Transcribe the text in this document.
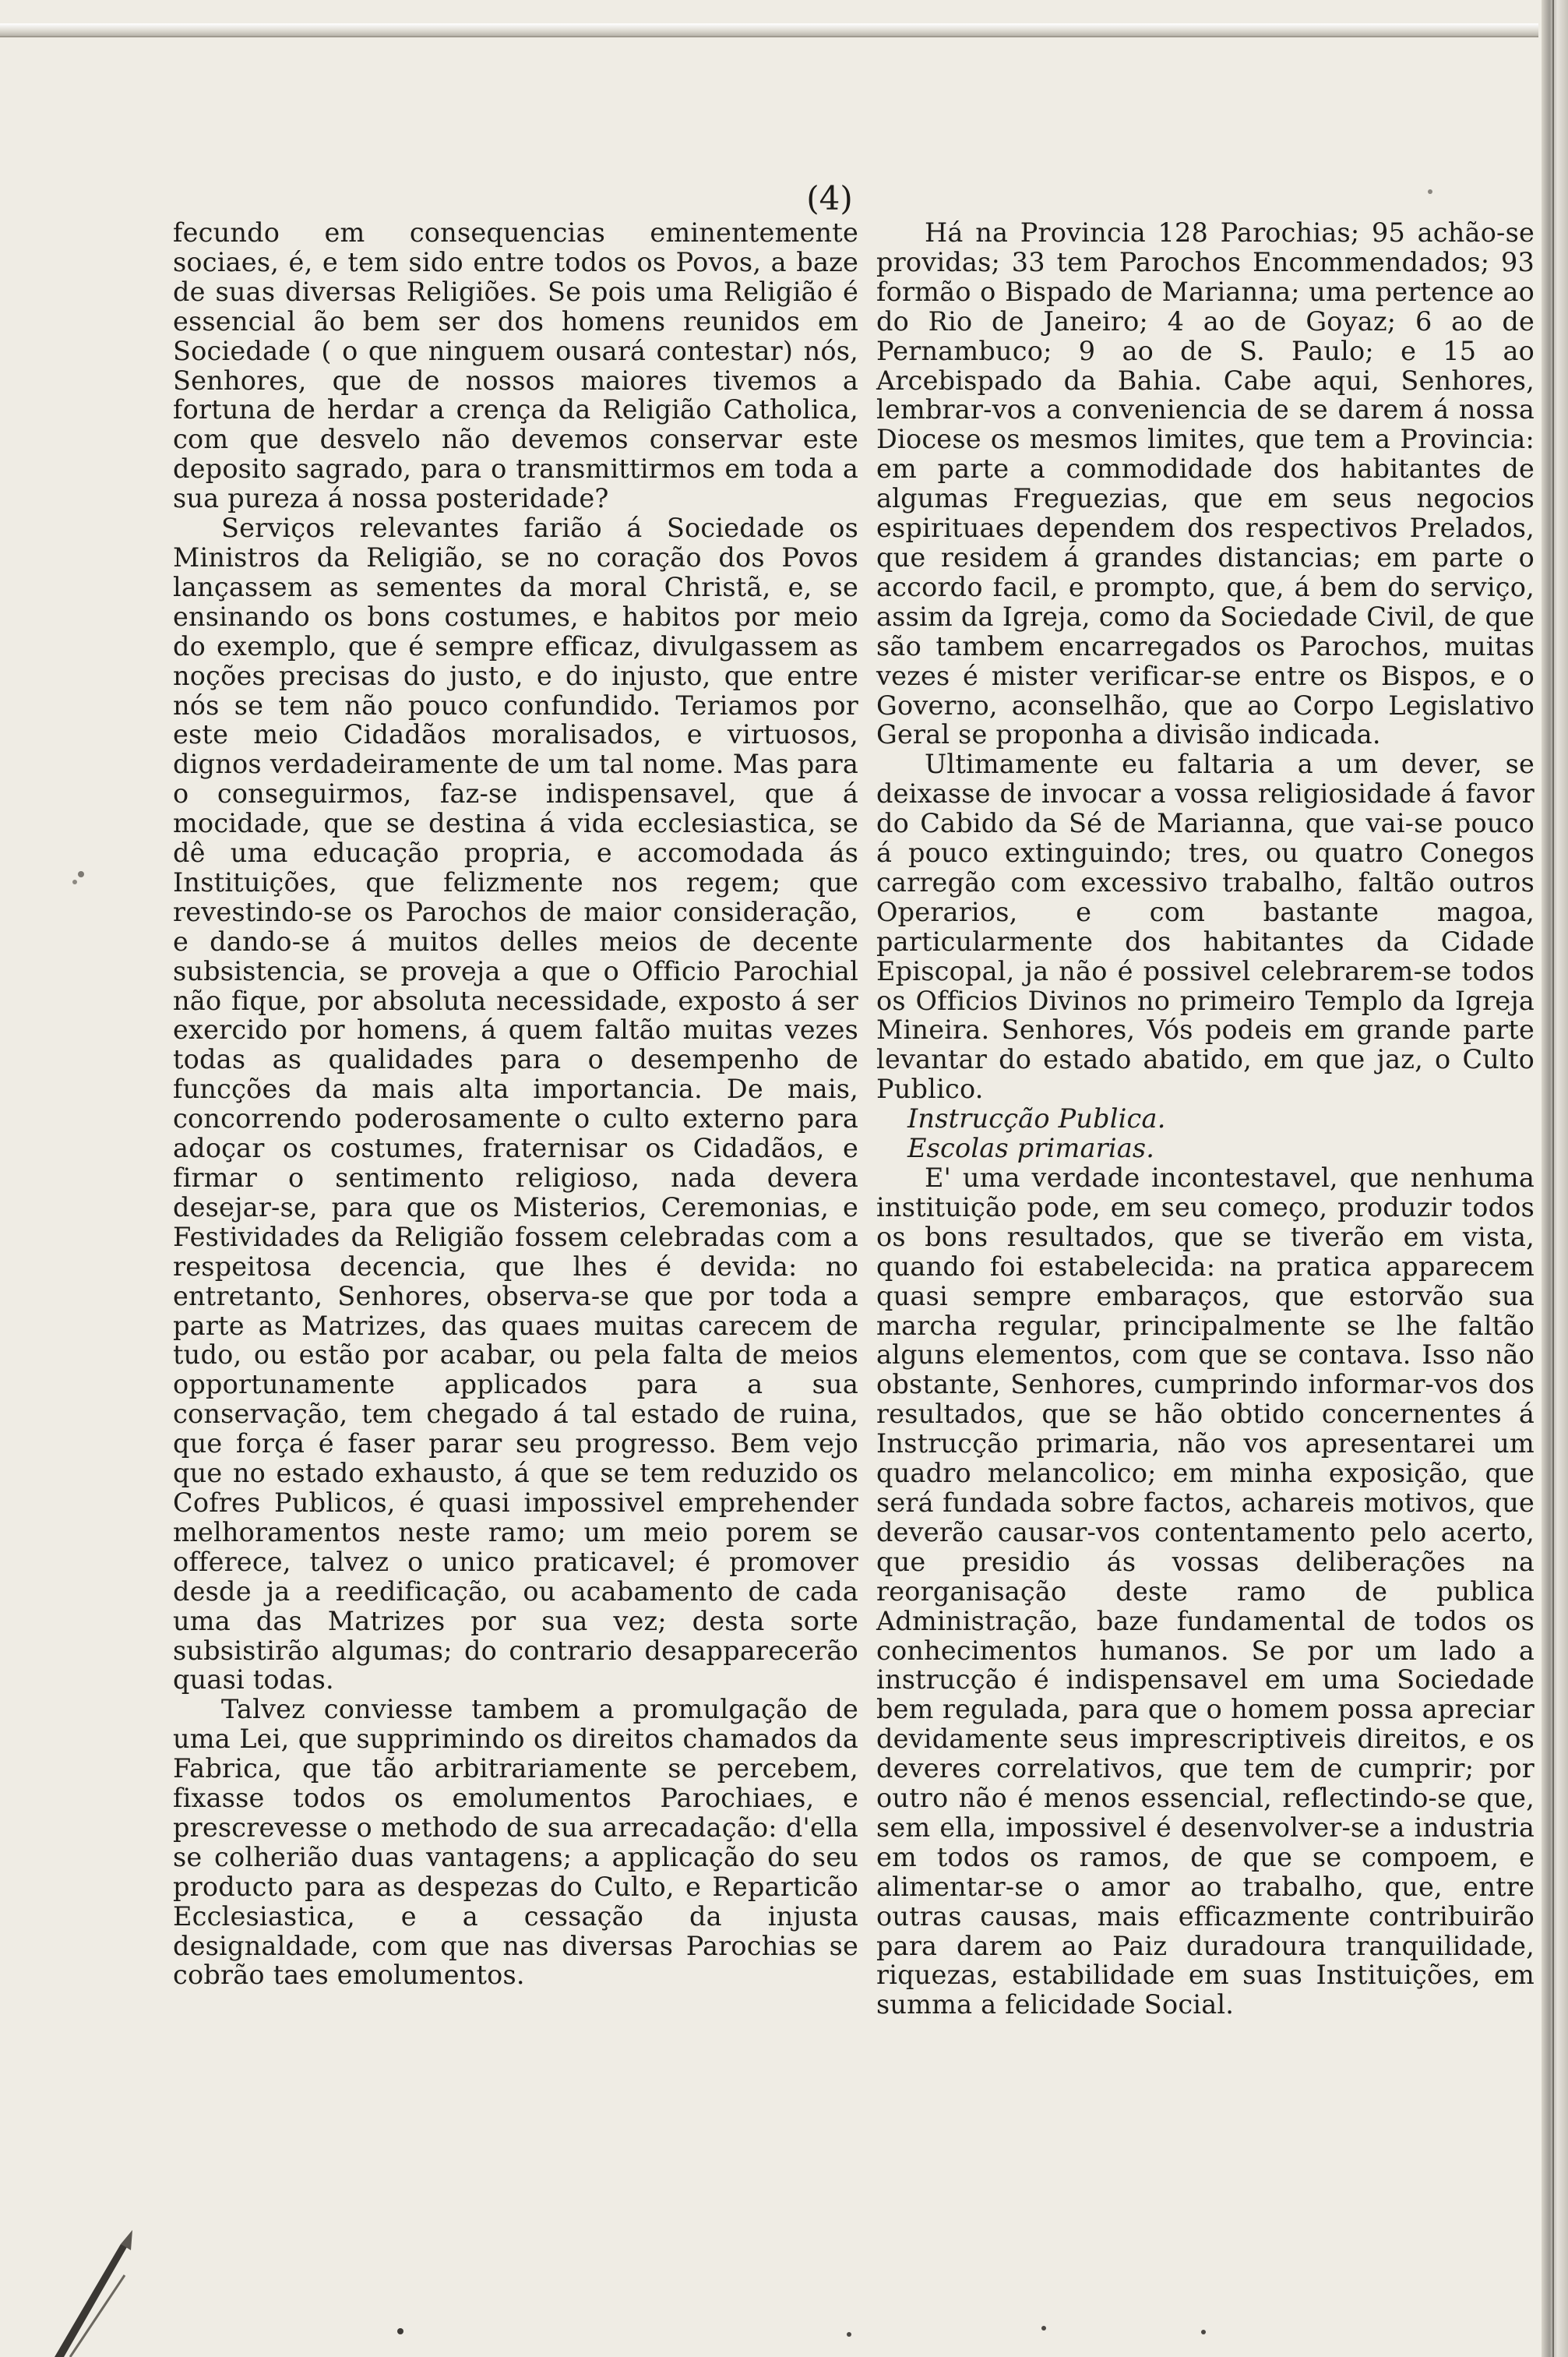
(4)

fecundo em consequencias eminentemente sociaes, é, e tem sido entre todos os Povos, a baze de suas diversas Religiões. Se pois uma Religião é essencial ão bem ser dos homens reunidos em Sociedade ( o que ninguem ousará contestar) nós, Senhores, que de nossos maiores tivemos a fortuna de herdar a crença da Religião Catholica, com que desvelo não devemos conservar este deposito sagrado, para o transmittirmos em toda a sua pureza á nossa posteridade?

Serviços relevantes farião á Sociedade os Ministros da Religião, se no coração dos Povos lançassem as sementes da moral Christã, e, se ensinando os bons costumes, e habitos por meio do exemplo, que é sempre efficaz, divulgassem as noções precisas do justo, e do injusto, que entre nós se tem não pouco confundido. Teriamos por este meio Cidadãos moralisados, e virtuosos, dignos verdadeiramente de um tal nome. Mas para o conseguirmos, faz-se indispensavel, que á mocidade, que se destina á vida ecclesiastica, se dê uma educação propria, e accomodada ás Instituições, que felizmente nos regem; que revestindo-se os Parochos de maior consideração, e dando-se á muitos delles meios de decente subsistencia, se proveja a que o Officio Parochial não fique, por absoluta necessidade, exposto á ser exercido por homens, á quem faltão muitas vezes todas as qualidades para o desempenho de funcções da mais alta importancia. De mais, concorrendo poderosamente o culto externo para adoçar os costumes, fraternisar os Cidadãos, e firmar o sentimento religioso, nada devera desejar-se, para que os Misterios, Ceremonias, e Festividades da Religião fossem celebradas com a respeitosa decencia, que lhes é devida: no entretanto, Senhores, observa-se que por toda a parte as Matrizes, das quaes muitas carecem de tudo, ou estão por acabar, ou pela falta de meios opportunamente applicados para a sua conservação, tem chegado á tal estado de ruina, que força é faser parar seu progresso. Bem vejo que no estado exhausto, á que se tem reduzido os Cofres Publicos, é quasi impossivel emprehender melhoramentos neste ramo; um meio porem se offerece, talvez o unico praticavel; é promover desde ja a reedificação, ou acabamento de cada uma das Matrizes por sua vez; desta sorte subsistirão algumas; do contrario desapparecerão quasi todas.

Talvez conviesse tambem a promulgação de uma Lei, que supprimindo os direitos chamados da Fabrica, que tão arbitrariamente se percebem, fixasse todos os emolumentos Parochiaes, e prescrevesse o methodo de sua arrecadação: d'ella se colherião duas vantagens; a applicação do seu producto para as despezas do Culto, e Reparticão Ecclesiastica, e a cessação da injusta designaldade, com que nas diversas Parochias se cobrão taes emolumentos.

Há na Provincia 128 Parochias; 95 achão-se providas; 33 tem Parochos Encommendados; 93 formão o Bispado de Marianna; uma pertence ao do Rio de Janeiro; 4 ao de Goyaz; 6 ao de Pernambuco; 9 ao de S. Paulo; e 15 ao Arcebispado da Bahia. Cabe aqui, Senhores, lembrar-vos a conveniencia de se darem á nossa Diocese os mesmos limites, que tem a Provincia: em parte a commodidade dos habitantes de algumas Freguezias, que em seus negocios espirituaes dependem dos respectivos Prelados, que residem á grandes distancias; em parte o accordo facil, e prompto, que, á bem do serviço, assim da Igreja, como da Sociedade Civil, de que são tambem encarregados os Parochos, muitas vezes é mister verificar-se entre os Bispos, e o Governo, aconselhão, que ao Corpo Legislativo Geral se proponha a divisão indicada.

Ultimamente eu faltaria a um dever, se deixasse de invocar a vossa religiosidade á favor do Cabido da Sé de Marianna, que vai-se pouco á pouco extinguindo; tres, ou quatro Conegos carregão com excessivo trabalho, faltão outros Operarios, e com bastante magoa, particularmente dos habitantes da Cidade Episcopal, ja não é possivel celebrarem-se todos os Officios Divinos no primeiro Templo da Igreja Mineira. Senhores, Vós podeis em grande parte levantar do estado abatido, em que jaz, o Culto Publico.

Instrucção Publica.

Escolas primarias.

E' uma verdade incontestavel, que nenhuma instituição pode, em seu começo, produzir todos os bons resultados, que se tiverão em vista, quando foi estabelecida: na pratica apparecem quasi sempre embaraços, que estorvão sua marcha regular, principalmente se lhe faltão alguns elementos, com que se contava. Isso não obstante, Senhores, cumprindo informar-vos dos resultados, que se hão obtido concernentes á Instrucção primaria, não vos apresentarei um quadro melancolico; em minha exposição, que será fundada sobre factos, achareis motivos, que deverão causar-vos contentamento pelo acerto, que presidio ás vossas deliberações na reorganisação deste ramo de publica Administração, baze fundamental de todos os conhecimentos humanos. Se por um lado a instrucção é indispensavel em uma Sociedade bem regulada, para que o homem possa apreciar devidamente seus imprescriptiveis direitos, e os deveres correlativos, que tem de cumprir; por outro não é menos essencial, reflectindo-se que, sem ella, impossivel é desenvolver-se a industria em todos os ramos, de que se compoem, e alimentar-se o amor ao trabalho, que, entre outras causas, mais efficazmente contribuirão para darem ao Paiz duradoura tranquilidade, riquezas, estabilidade em suas Instituições, em summa a felicidade Social.
